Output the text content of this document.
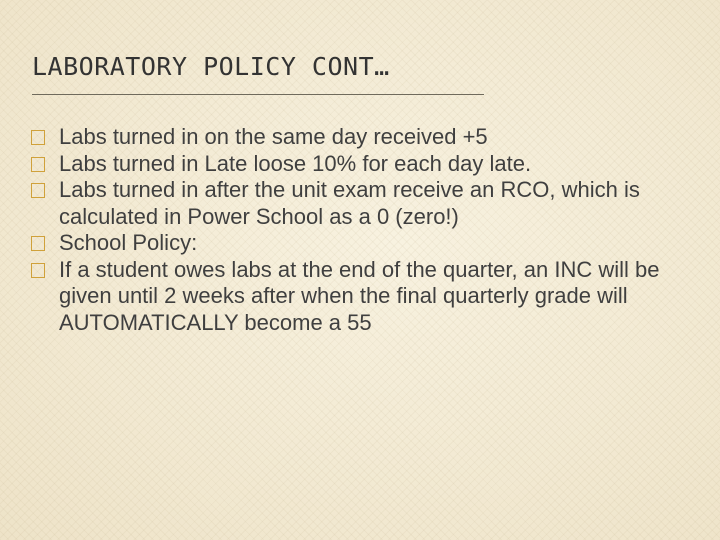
LABORATORY POLICY CONT…
Labs turned in on the same day received +5
Labs turned in Late loose 10% for each day late.
Labs turned in after the unit exam receive an RCO, which is calculated in Power School as a 0 (zero!)
School Policy:
If a student owes labs at the end of the quarter, an INC will be given until 2 weeks after when the final quarterly grade will AUTOMATICALLY become a 55
